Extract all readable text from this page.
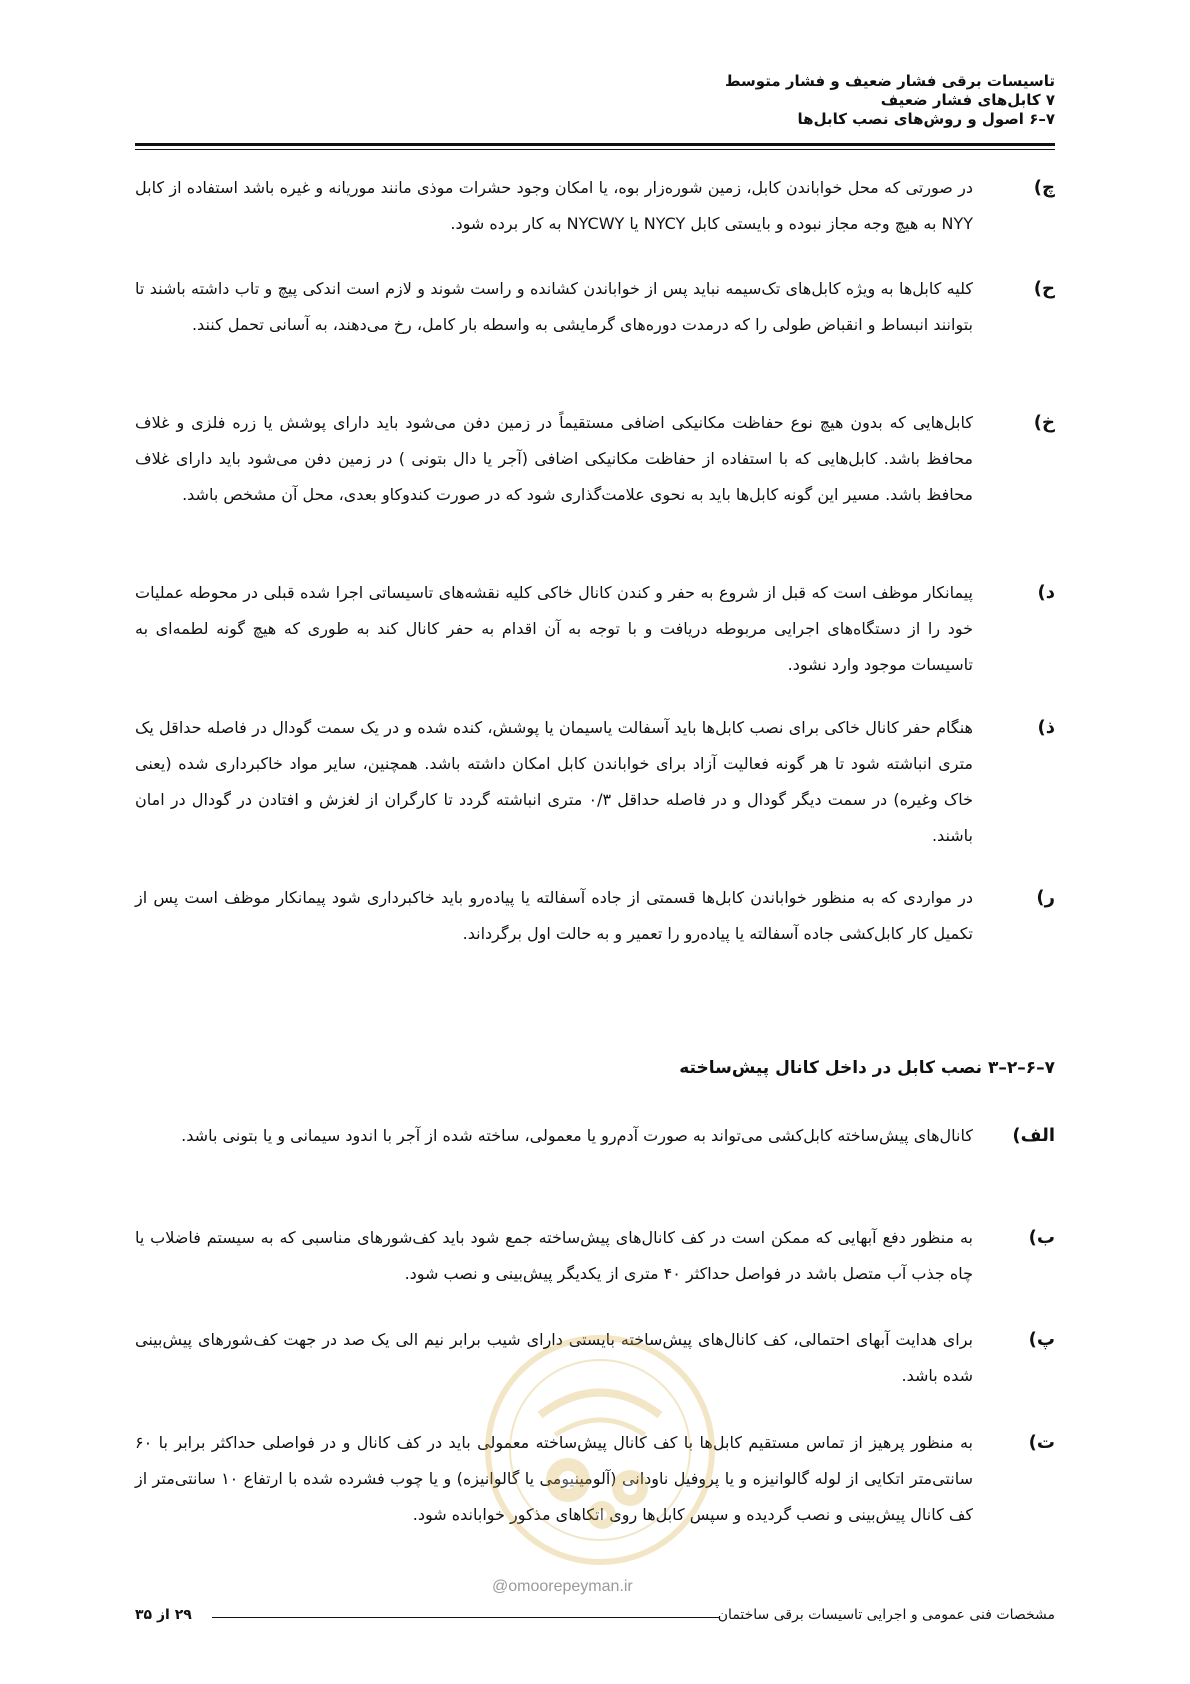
تاسیسات برقی فشار ضعیف و فشار متوسط
۷ کابل‌های فشار ضعیف
۷–۶ اصول و روش‌های نصب کابل‌ها
چ)
در صورتی که محل خواباندن کابل، زمین شوره‌زار بوه، یا امکان وجود حشرات موذی مانند موریانه و غیره باشد استفاده از کابل NYY به هیچ وجه مجاز نبوده و بایستی کابل NYCY یا NYCWY به کار برده شود.
ح)
کلیه کابل‌ها به ویژه کابل‌های تک‌سیمه نباید پس از خواباندن کشانده و راست شوند و لازم است اندکی پیچ و تاب داشته باشند تا بتوانند انبساط و انقباض طولی را که درمدت دوره‌های گرمایشی به واسطه بار کامل، رخ می‌دهند، به آسانی تحمل کنند.
خ)
کابل‌هایی که بدون هیچ نوع حفاظت مکانیکی اضافی مستقیماً در زمین دفن می‌شود باید دارای پوشش یا زره فلزی و غلاف محافظ باشد. کابل‌هایی که با استفاده از حفاظت مکانیکی اضافی (آجر یا دال بتونی ) در زمین دفن می‌شود باید دارای غلاف محافظ باشد. مسیر این گونه کابل‌ها باید به نحوی علامت‌گذاری شود که در صورت کندوکاو بعدی، محل آن مشخص باشد.
د)
پیمانکار موظف است که قبل از شروع به حفر و کندن کانال خاکی کلیه نقشه‌های تاسیساتی اجرا شده قبلی در محوطه عملیات خود را از دستگاه‌های اجرایی مربوطه دریافت و با توجه به آن اقدام به حفر کانال کند به طوری که هیچ گونه لطمه‌ای به تاسیسات موجود وارد نشود.
ذ)
هنگام حفر کانال خاکی برای نصب کابل‌ها باید آسفالت یاسیمان یا پوشش، کنده شده و در یک سمت گودال در فاصله حداقل یک متری انباشته شود تا هر گونه فعالیت آزاد برای خواباندن کابل امکان داشته باشد. همچنین، سایر مواد خاکبرداری شده (یعنی خاک وغیره) در سمت دیگر گودال و در فاصله حداقل ۰/۳ متری انباشته گردد تا کارگران از لغزش و افتادن در گودال در امان باشند.
ر)
در مواردی که به منظور خواباندن کابل‌ها قسمتی از جاده آسفالته یا پیاده‌رو باید خاکبرداری شود پیمانکار موظف است پس از تکمیل کار کابل‌کشی جاده آسفالته یا پیاده‌رو را تعمیر و به حالت اول برگرداند.
۷–۶–۲–۳ نصب کابل در داخل کانال پیش‌ساخته
الف)
کانال‌های پیش‌ساخته کابل‌کشی می‌تواند به صورت آدم‌رو یا معمولی، ساخته شده از آجر با اندود سیمانی و یا بتونی باشد.
ب)
به منظور دفع آبهایی که ممکن است در کف کانال‌های پیش‌ساخته جمع شود باید کف‌شورهای مناسبی که به سیستم فاضلاب یا چاه جذب آب متصل باشد در فواصل حداکثر ۴۰ متری از یکدیگر پیش‌بینی و نصب شود.
پ)
برای هدایت آبهای احتمالی، کف کانال‌های پیش‌ساخته بایستی دارای شیب برابر نیم الی یک صد در جهت کف‌شورهای پیش‌بینی شده باشد.
ت)
به منظور پرهیز از تماس مستقیم کابل‌ها با کف کانال پیش‌ساخته معمولی باید در کف کانال و در فواصلی حداکثر برابر با ۶۰ سانتی‌متر اتکایی از لوله گالوانیزه و یا پروفیل ناودانی (آلومینیومی یا گالوانیزه) و یا چوب فشرده شده با ارتفاع ۱۰ سانتی‌متر از کف کانال پیش‌بینی و نصب گردیده و سپس کابل‌ها روی اتکاهای مذکور خوابانده شود.
@omoorepeyman.ir
مشخصات فنی عمومی و اجرایی تاسیسات برقی ساختمان
۲۹ از ۳۵
